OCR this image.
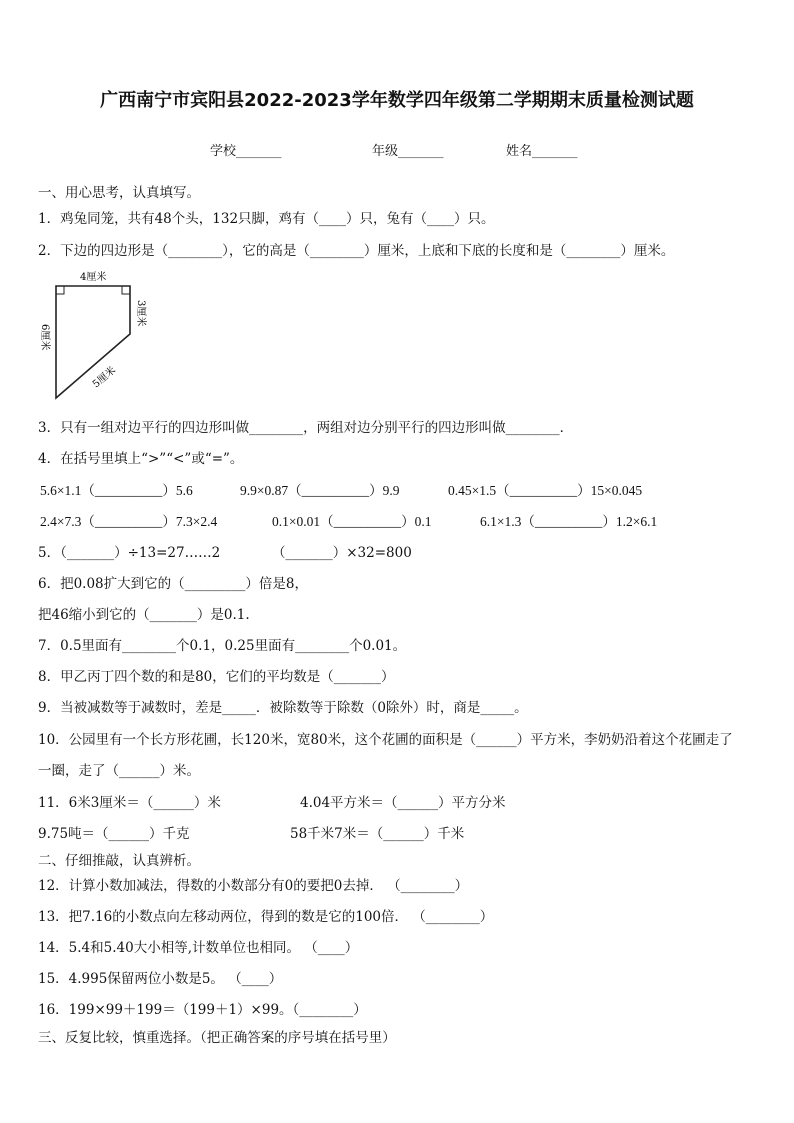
广西南宁市宾阳县2022-2023学年数学四年级第二学期期末质量检测试题
学校_______	年级_______	姓名_______
一、用心思考，认真填写。
1．鸡兔同笼，共有48个头，132只脚，鸡有（____）只，兔有（____）只。
2．下边的四边形是（________），它的高是（________）厘米，上底和下底的长度和是（________）厘米。
4厘米
3厘米
6厘米
5厘米
3．只有一组对边平行的四边形叫做________，两组对边分别平行的四边形叫做________．
4．在括号里填上“>”“<”或“=”。
5.6×1.1（__________）5.6	9.9×0.87（__________）9.9	0.45×1.5（__________）15×0.045
2.4×7.3（__________）7.3×2.4	0.1×0.01（__________）0.1	6.1×1.3（__________）1.2×6.1
5．（_______）÷13=27……2	（_______）×32=800
6．把0.08扩大到它的（_________）倍是8，
把46缩小到它的（_______）是0.1.
7．0.5里面有________个0.1，0.25里面有________个0.01。
8．甲乙丙丁四个数的和是80，它们的平均数是（_______）
9．当被减数等于减数时，差是_____．被除数等于除数（0除外）时，商是_____。
10．公园里有一个长方形花圃，长120米，宽80米，这个花圃的面积是（______）平方米，李奶奶沿着这个花圃走了
一圈，走了（______）米。
11．6米3厘米＝（______）米	4.04平方米＝（______）平方分米
9.75吨＝（______）千克	58千米7米＝（______）千米
二、仔细推敲，认真辨析。
12．计算小数加减法，得数的小数部分有0的要把0去掉． （________）
13．把7.16的小数点向左移动两位，得到的数是它的100倍． （________）
14．5.4和5.40大小相等,计数单位也相同。 （____）
15．4.995保留两位小数是5。 （____）
16．199×99＋199＝（199＋1）×99。（________）
三、反复比较，慎重选择。（把正确答案的序号填在括号里）
